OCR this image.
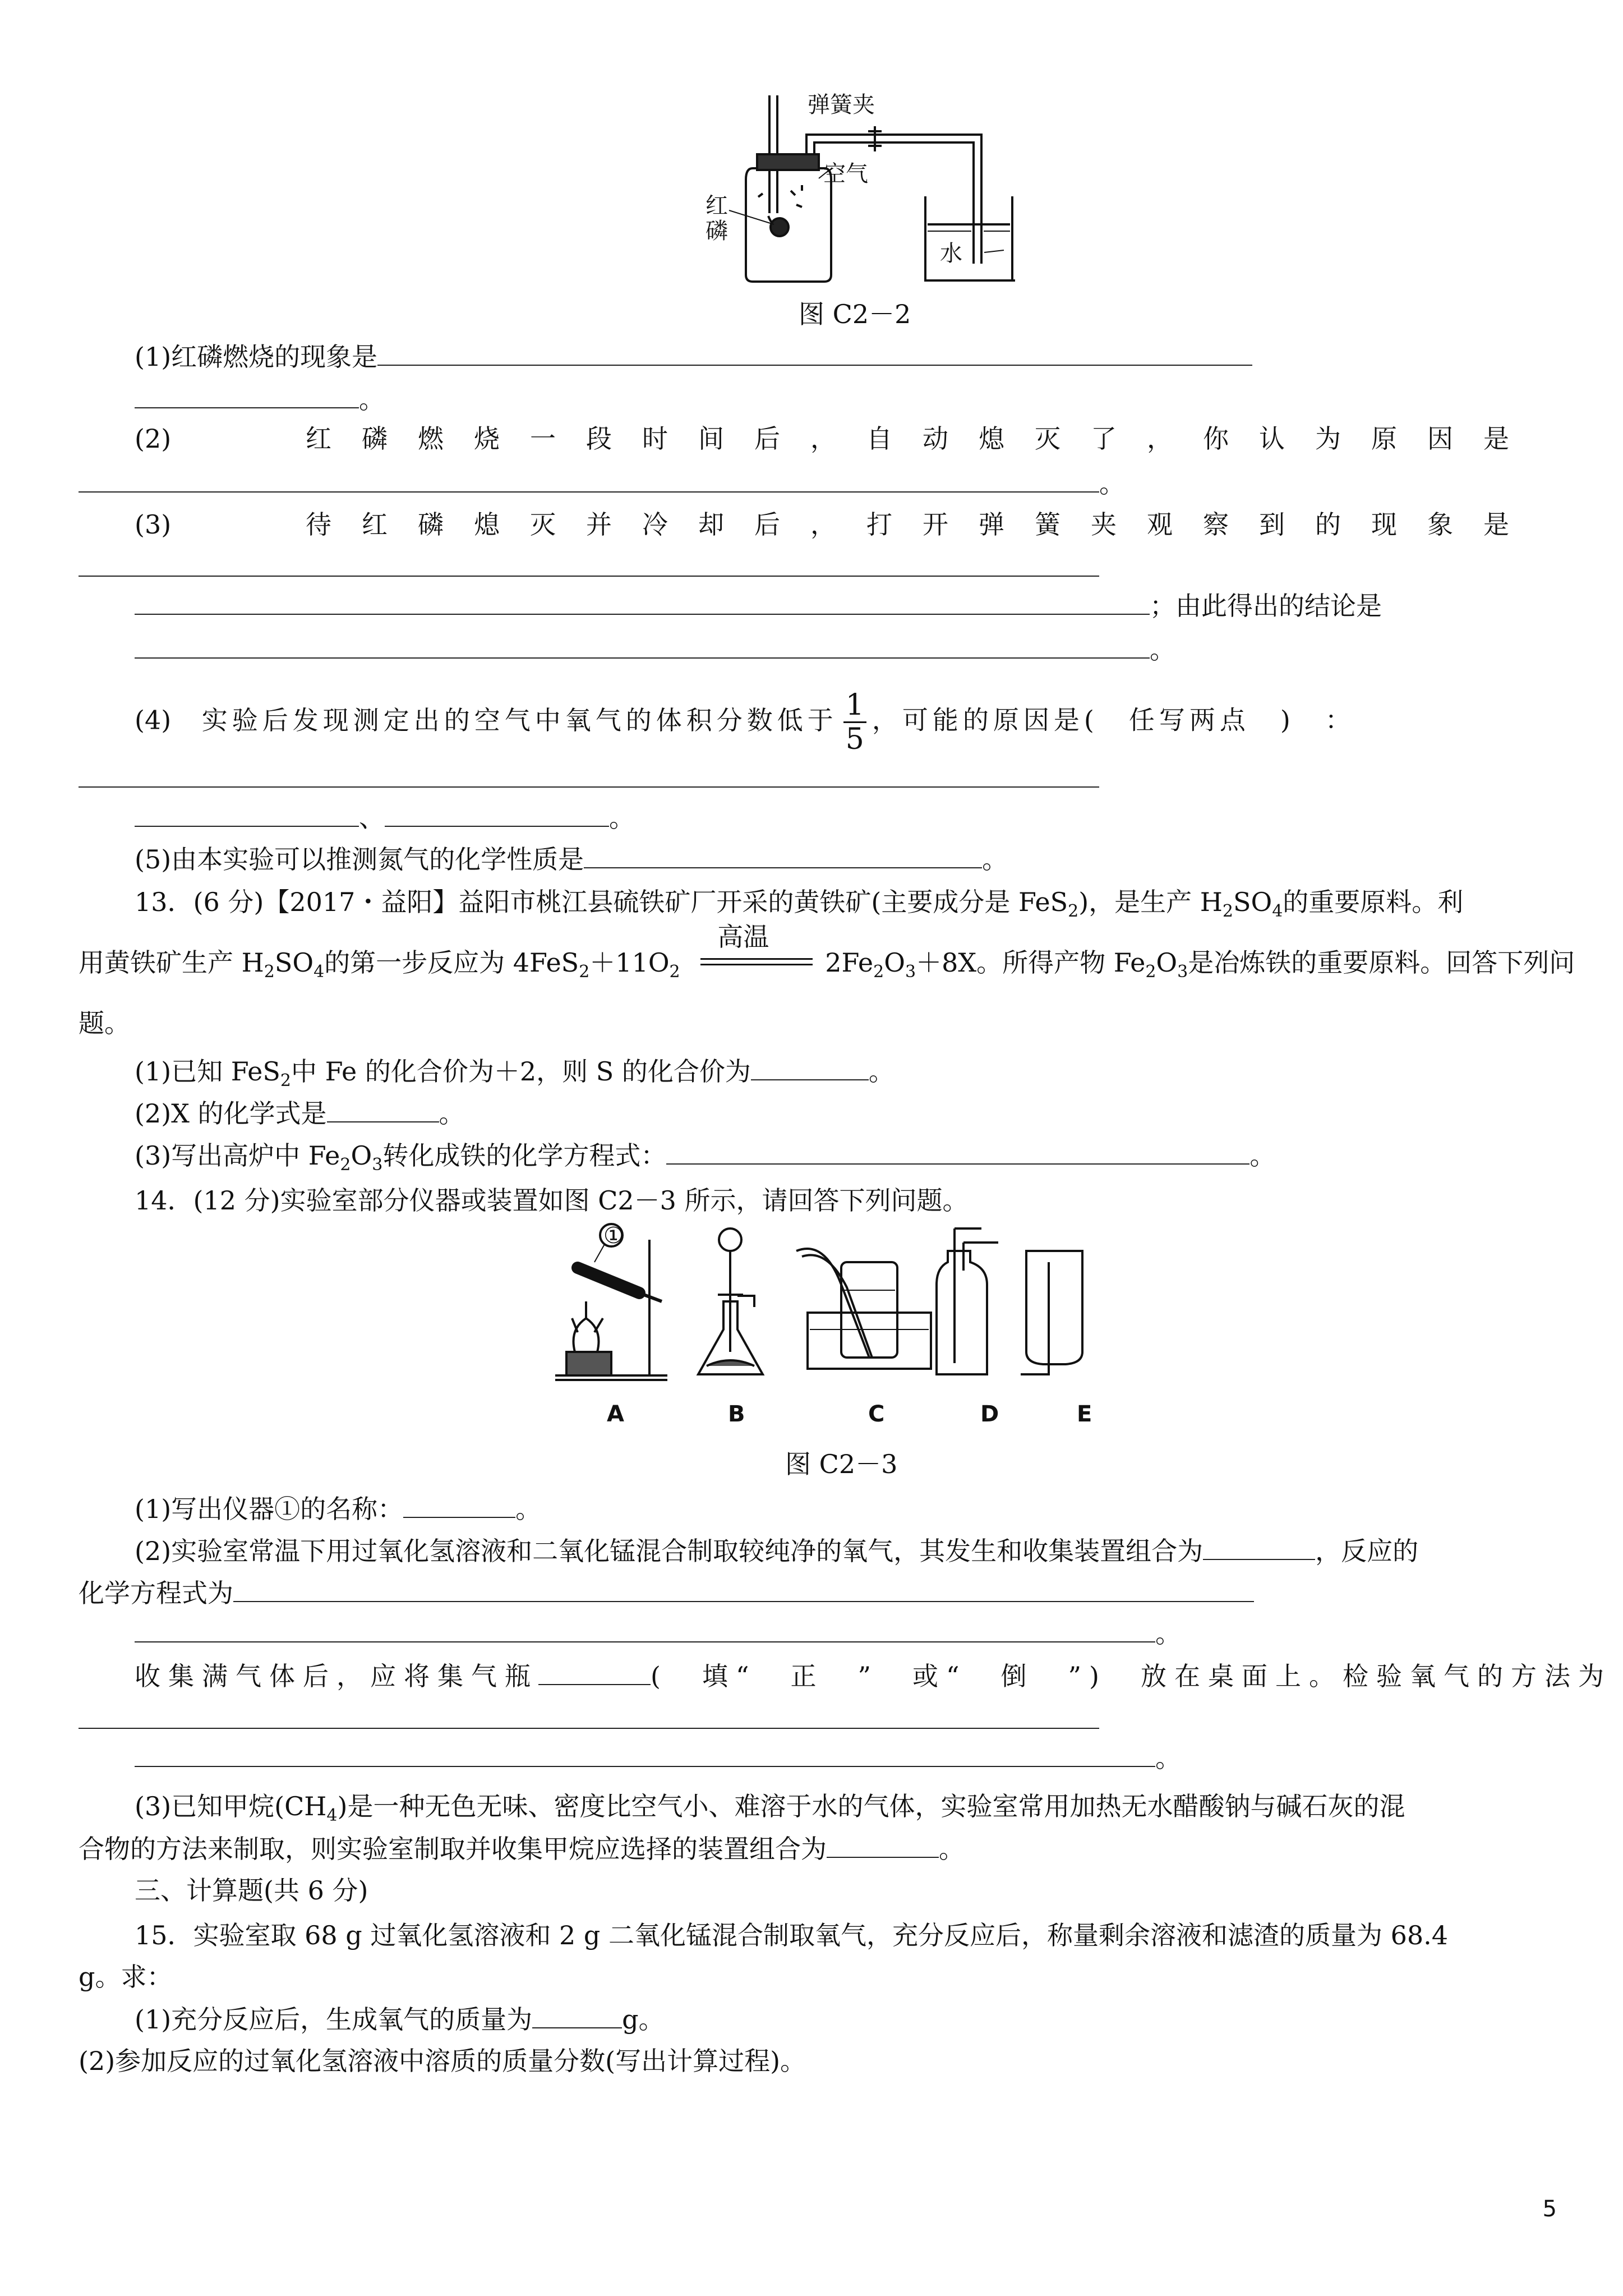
弹簧夹
空气
红
磷
水
图 C2－2
(1)红磷燃烧的现象是
。
(2)	红磷燃烧一段时间后，自动熄灭了，你认为原因是
。
(3)	待红磷熄灭并冷却后，打开弹簧夹观察到的现象是
；由此得出的结论是
。
(4) 实验后发现测定出的空气中氧气的体积分数低于 $\frac{1}{5}$ ，可能的原因是(　任写两点　)　：
、	。
(5)由本实验可以推测氮气的化学性质是	。
13．(6 分)【2017・益阳】益阳市桃江县硫铁矿厂开采的黄铁矿(主要成分是 FeS$_2$)，是生产 $H_2SO_4$的重要原料。利
用黄铁矿生产 $H_2SO_4$的第一步反应为 $4FeS_2+11O_2$
高温
$2Fe_2O_3+8X$。所得产物 $Fe_2O_3$是冶炼铁的重要原料。回答下列问
题。
(1)已知 FeS$_2$中 Fe 的化合价为＋2，则 S 的化合价为	。
(2)X 的化学式是	。
(3)写出高炉中 $Fe_2O_3$转化成铁的化学方程式：	。
14．(12 分)实验室部分仪器或装置如图 C2－3 所示，请回答下列问题。
①
A	B	C	D	E
图 C2－3
(1)写出仪器①的名称：	。
(2)实验室常温下用过氧化氢溶液和二氧化锰混合制取较纯净的氧气，其发生和收集装置组合为	，反应的
化学方程式为
。
收集满气体后，应将集气瓶	(　填“　正　”　或“　倒　”)　放在桌面上。检验氧气的方法为
。
(3)已知甲烷$(CH_4)$是一种无色无味、密度比空气小、难溶于水的气体，实验室常用加热无水醋酸钠与碱石灰的混
合物的方法来制取，则实验室制取并收集甲烷应选择的装置组合为	。
三、计算题(共 6 分)
15．实验室取 68 g 过氧化氢溶液和 2 g 二氧化锰混合制取氧气，充分反应后，称量剩余溶液和滤渣的质量为 68.4
g。求：
(1)充分反应后，生成氧气的质量为	g。
(2)参加反应的过氧化氢溶液中溶质的质量分数(写出计算过程)。
5
